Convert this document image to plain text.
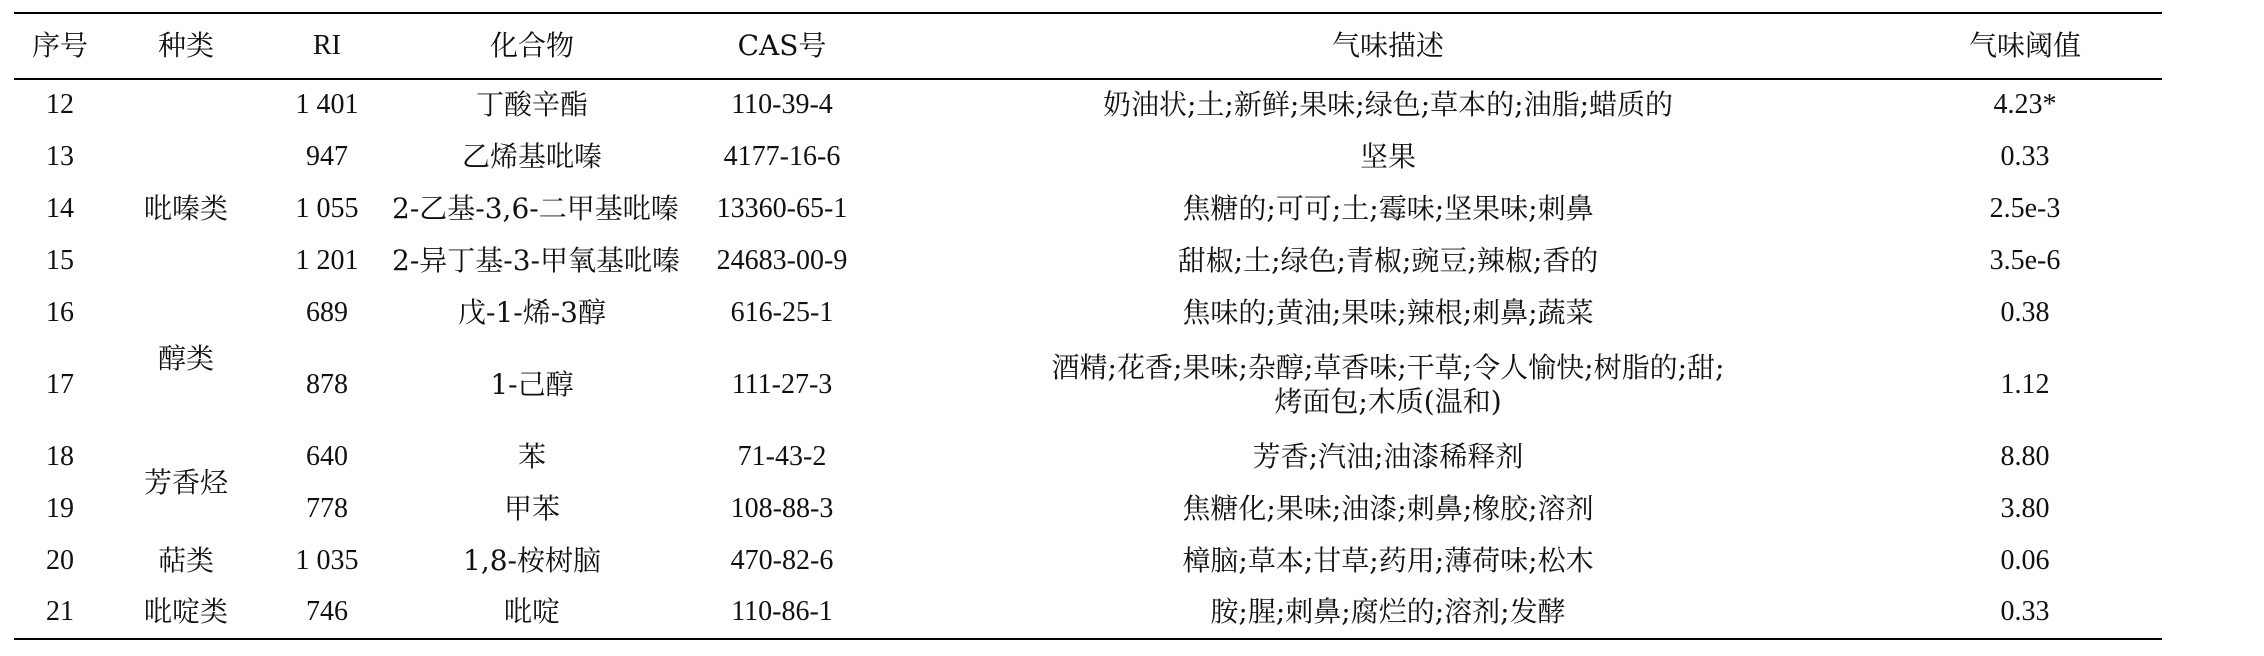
序号	种类	RI	化合物	CAS号	气味描述	气味阈值
12		1 401	丁酸辛酯	110-39-4	奶油状;土;新鲜;果味;绿色;草本的;油脂;蜡质的	4.23*
13	吡嗪类	947	乙烯基吡嗪	4177-16-6	坚果	0.33
14		1 055	2-乙基-3,6-二甲基吡嗪	13360-65-1	焦糖的;可可;土;霉味;坚果味;刺鼻	2.5e-3
15		1 201	2-异丁基-3-甲氧基吡嗪	24683-00-9	甜椒;土;绿色;青椒;豌豆;辣椒;香的	3.5e-6
16	醇类	689	戊-1-烯-3醇	616-25-1	焦味的;黄油;果味;辣根;刺鼻;蔬菜	0.38
17		878	1-己醇	111-27-3	酒精;花香;果味;杂醇;草香味;干草;令人愉快;树脂的;甜;
烤面包;木质(温和)	1.12
18	芳香烃	640	苯	71-43-2	芳香;汽油;油漆稀释剂	8.80
19		778	甲苯	108-88-3	焦糖化;果味;油漆;刺鼻;橡胶;溶剂	3.80
20	萜类	1 035	1,8-桉树脑	470-82-6	樟脑;草本;甘草;药用;薄荷味;松木	0.06
21	吡啶类	746	吡啶	110-86-1	胺;腥;刺鼻;腐烂的;溶剂;发酵	0.33
